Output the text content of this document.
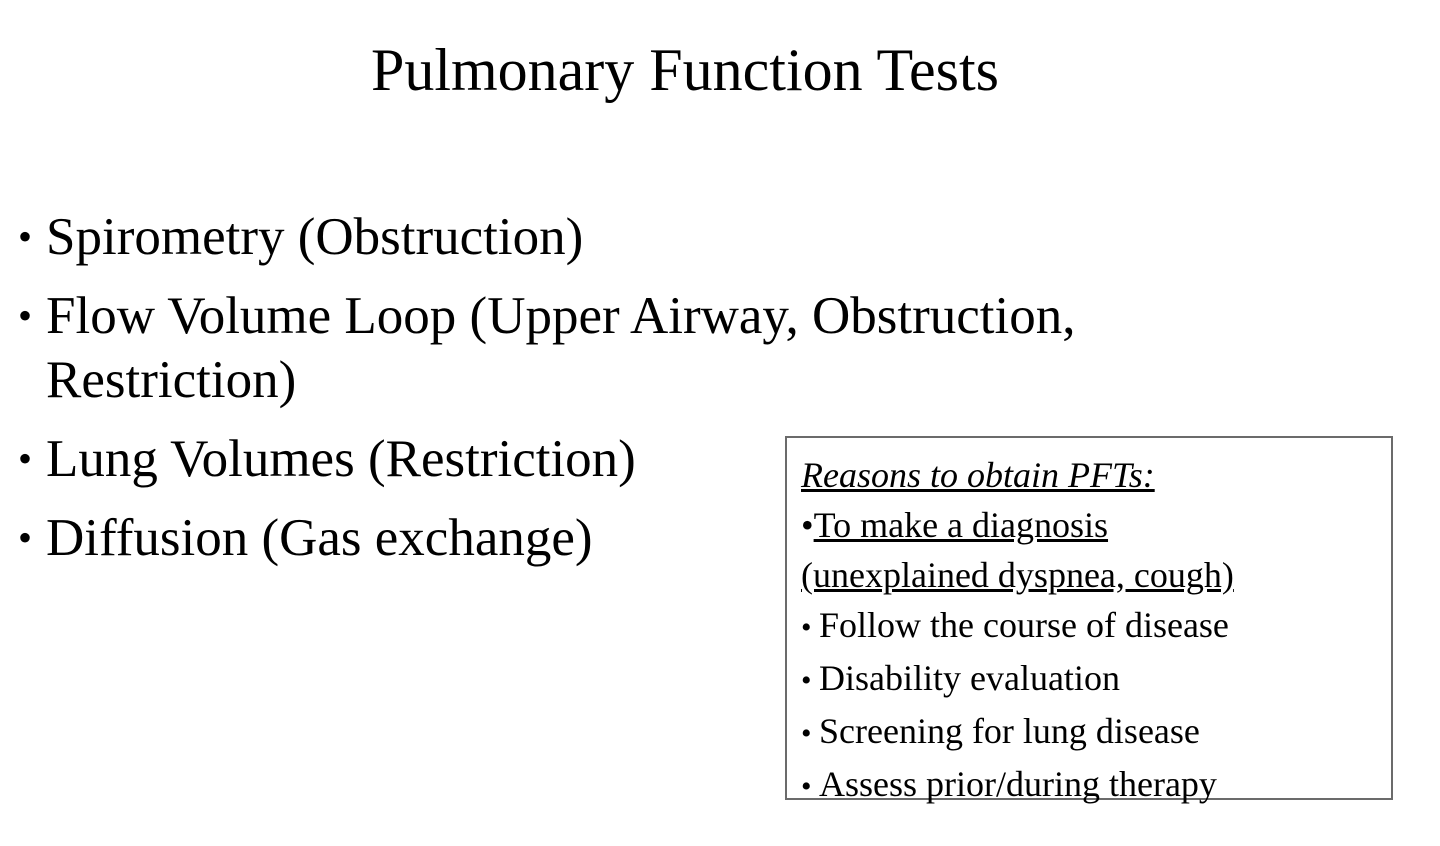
Pulmonary Function Tests
• Spirometry (Obstruction)
• Flow Volume Loop (Upper Airway, Obstruction, Restriction)
• Lung Volumes (Restriction)
• Diffusion (Gas exchange)

Reasons to obtain PFTs:

•To make a diagnosis
(unexplained dyspnea, cough)
• Follow the course of disease
• Disability evaluation
• Screening for lung disease
• Assess prior/during therapy
